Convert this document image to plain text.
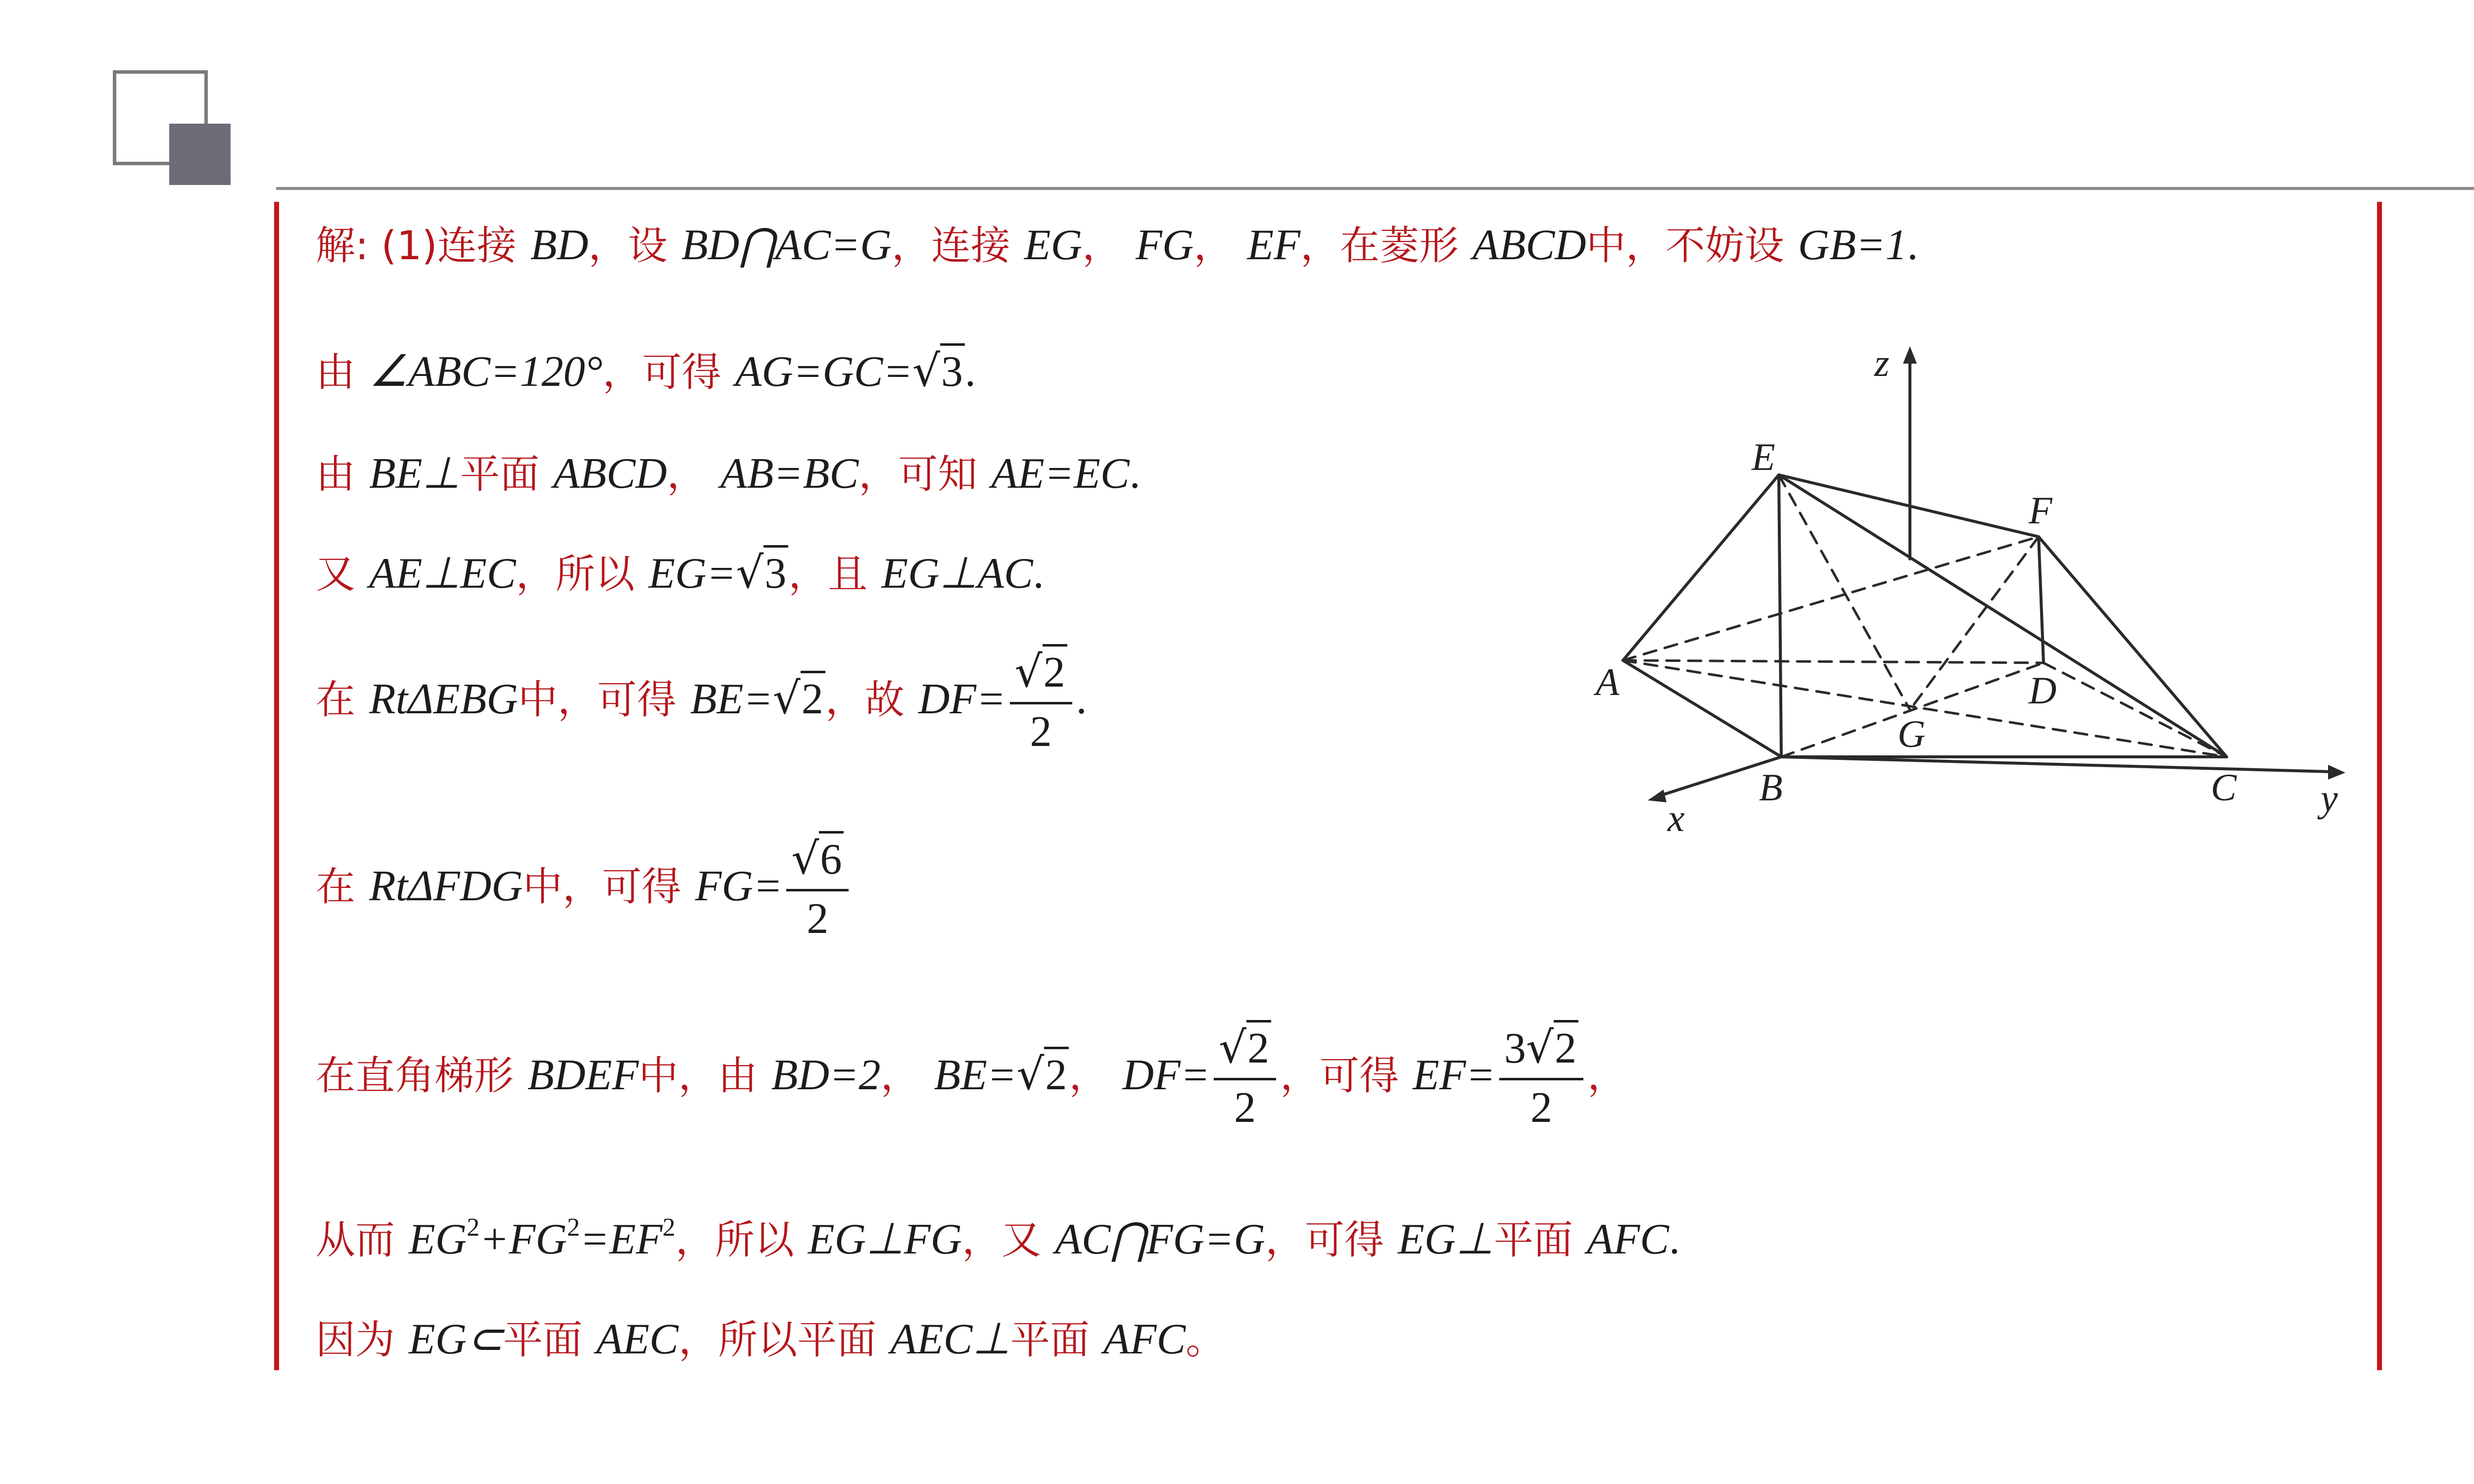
解: (1)连接 BD，设 BD⋂AC=G，连接 EG， FG， EF，在菱形 ABCD中，不妨设 GB=1.
由 ∠ABC=120°，可得 AG=GC=√3.
由 BE⊥平面 ABCD， AB=BC，可知 AE=EC.
又 AE⊥EC，所以 EG=√3，且 EG⊥AC.
在 RtΔEBG中，可得 BE=√2，故 $DF= \frac{√2}{2}$ .
在 RtΔFDG中，可得 $FG= \frac{√6}{2}$
在直角梯形 BDEF中，由 BD=2， BE=√2， $DF= \frac{√2}{2}$ ，可得 $EF= \frac{3√2}{2}$ ，
从而 $EG^2+FG^2=EF^2$，所以 EG⊥FG，又 AC⋂FG=G，可得 EG⊥平面 AFC.
因为 EG⊂平面 AEC，所以平面 AEC⊥平面 AFC。
z
E
F
A	D
G
B	C
x	y
